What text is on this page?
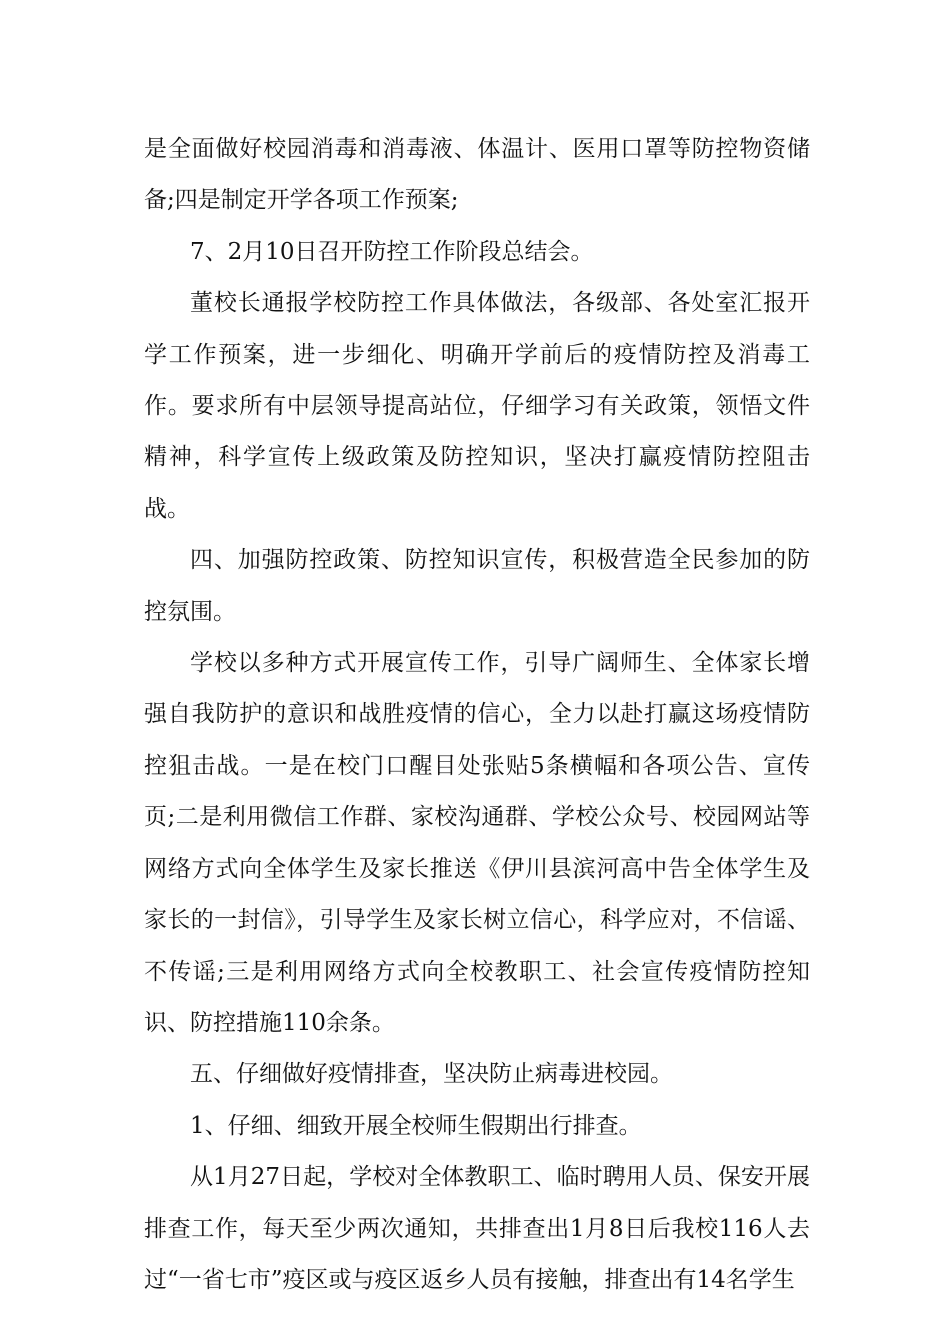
是全面做好校园消毒和消毒液、体温计、医用口罩等防控物资储备;四是制定开学各项工作预案;

7、2月10日召开防控工作阶段总结会。

董校长通报学校防控工作具体做法，各级部、各处室汇报开学工作预案，进一步细化、明确开学前后的疫情防控及消毒工作。要求所有中层领导提高站位，仔细学习有关政策，领悟文件精神，科学宣传上级政策及防控知识，坚决打赢疫情防控阻击战。

四、加强防控政策、防控知识宣传，积极营造全民参加的防控氛围。

学校以多种方式开展宣传工作，引导广阔师生、全体家长增强自我防护的意识和战胜疫情的信心，全力以赴打赢这场疫情防控狙击战。一是在校门口醒目处张贴5条横幅和各项公告、宣传页;二是利用微信工作群、家校沟通群、学校公众号、校园网站等网络方式向全体学生及家长推送《伊川县滨河高中告全体学生及家长的一封信》，引导学生及家长树立信心，科学应对，不信谣、不传谣;三是利用网络方式向全校教职工、社会宣传疫情防控知识、防控措施110余条。

五、仔细做好疫情排查，坚决防止病毒进校园。

1、仔细、细致开展全校师生假期出行排查。

从1月27日起，学校对全体教职工、临时聘用人员、保安开展排查工作，每天至少两次通知，共排查出1月8日后我校116人去过“一省七市”疫区或与疫区返乡人员有接触，排查出有14名学生
